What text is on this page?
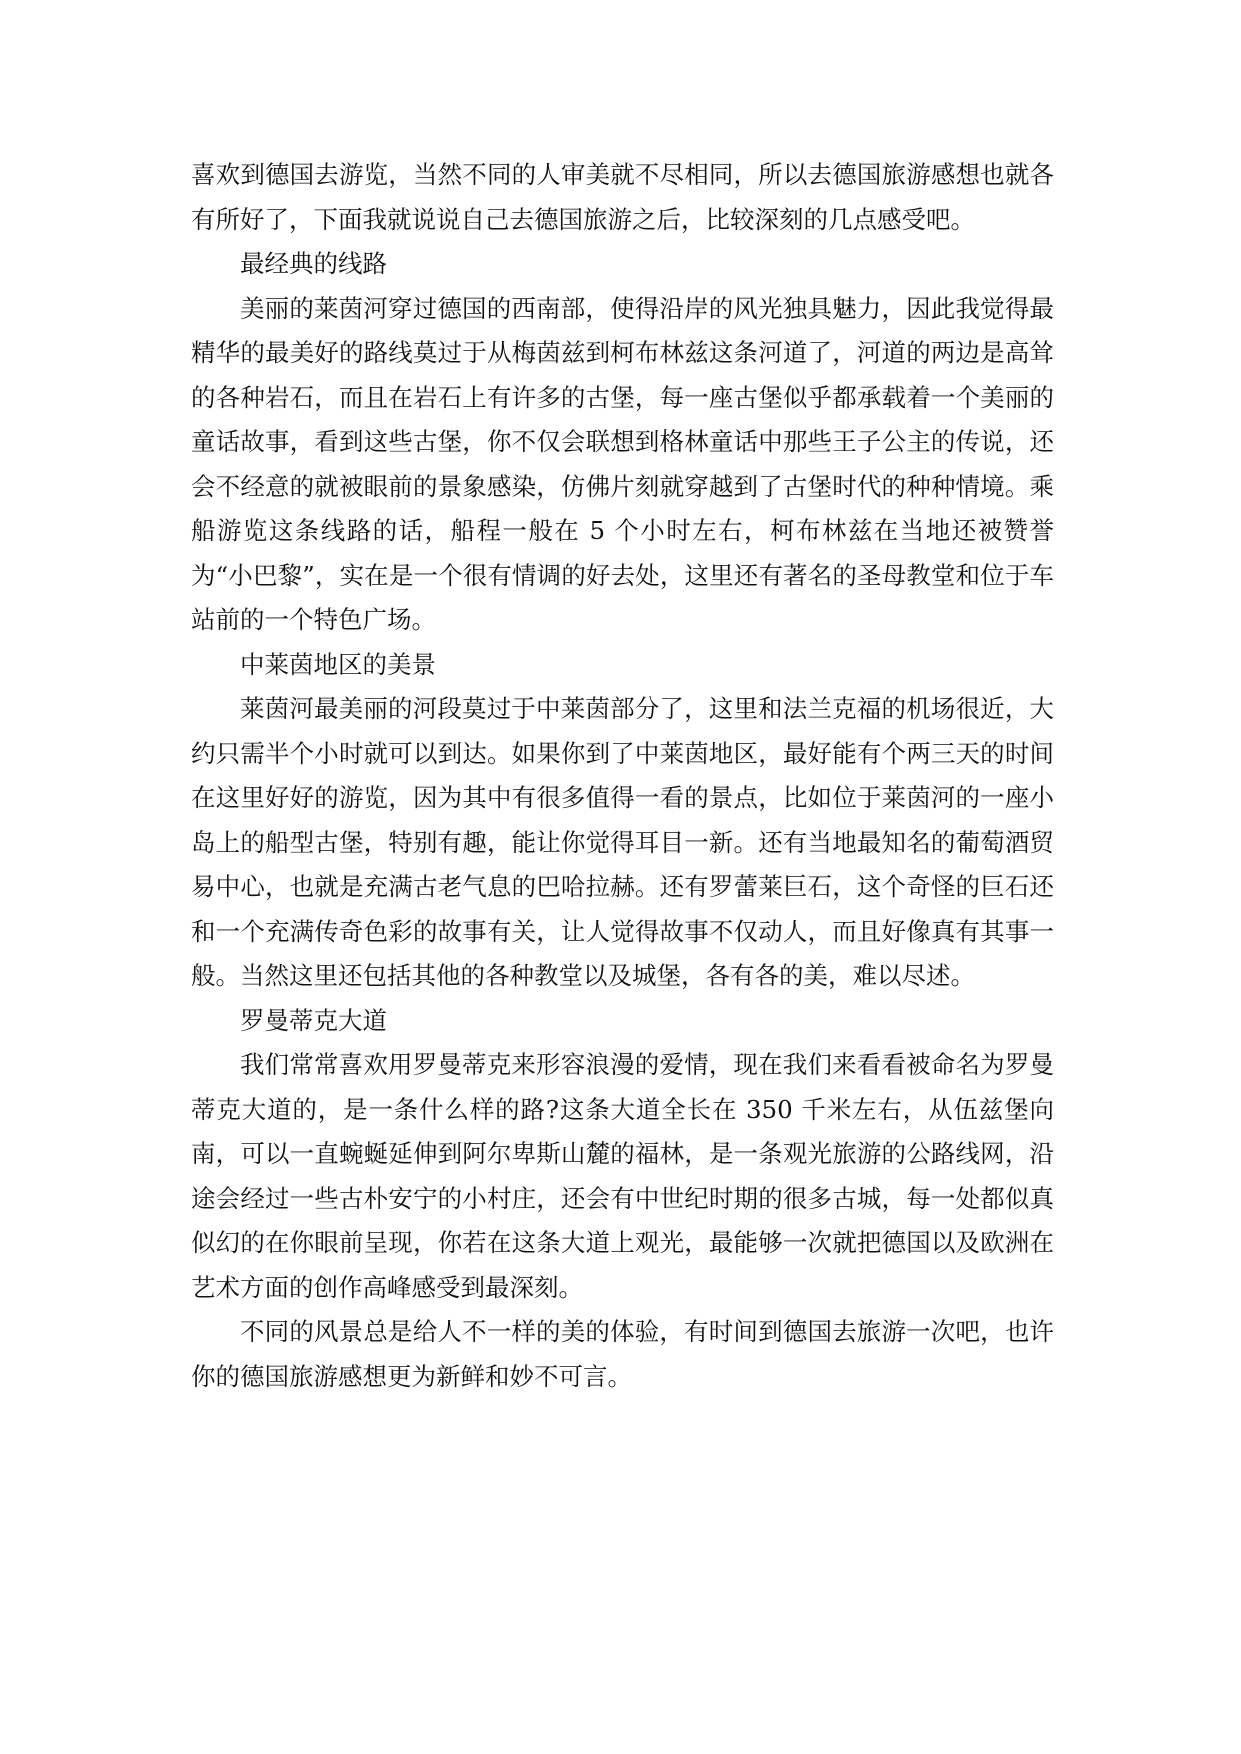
喜欢到德国去游览，当然不同的人审美就不尽相同，所以去德国旅游感想也就各有所好了，下面我就说说自己去德国旅游之后，比较深刻的几点感受吧。

最经典的线路

美丽的莱茵河穿过德国的西南部，使得沿岸的风光独具魅力，因此我觉得最精华的最美好的路线莫过于从梅茵兹到柯布林兹这条河道了，河道的两边是高耸的各种岩石，而且在岩石上有许多的古堡，每一座古堡似乎都承载着一个美丽的童话故事，看到这些古堡，你不仅会联想到格林童话中那些王子公主的传说，还会不经意的就被眼前的景象感染，仿佛片刻就穿越到了古堡时代的种种情境。乘船游览这条线路的话，船程一般在 5 个小时左右，柯布林兹在当地还被赞誉为“小巴黎”，实在是一个很有情调的好去处，这里还有著名的圣母教堂和位于车站前的一个特色广场。

中莱茵地区的美景

莱茵河最美丽的河段莫过于中莱茵部分了，这里和法兰克福的机场很近，大约只需半个小时就可以到达。如果你到了中莱茵地区，最好能有个两三天的时间在这里好好的游览，因为其中有很多值得一看的景点，比如位于莱茵河的一座小岛上的船型古堡，特别有趣，能让你觉得耳目一新。还有当地最知名的葡萄酒贸易中心，也就是充满古老气息的巴哈拉赫。还有罗蕾莱巨石，这个奇怪的巨石还和一个充满传奇色彩的故事有关，让人觉得故事不仅动人，而且好像真有其事一般。当然这里还包括其他的各种教堂以及城堡，各有各的美，难以尽述。

罗曼蒂克大道

我们常常喜欢用罗曼蒂克来形容浪漫的爱情，现在我们来看看被命名为罗曼蒂克大道的，是一条什么样的路?这条大道全长在 350 千米左右，从伍兹堡向南，可以一直蜿蜒延伸到阿尔卑斯山麓的福林，是一条观光旅游的公路线网，沿途会经过一些古朴安宁的小村庄，还会有中世纪时期的很多古城，每一处都似真似幻的在你眼前呈现，你若在这条大道上观光，最能够一次就把德国以及欧洲在艺术方面的创作高峰感受到最深刻。

不同的风景总是给人不一样的美的体验，有时间到德国去旅游一次吧，也许你的德国旅游感想更为新鲜和妙不可言。
